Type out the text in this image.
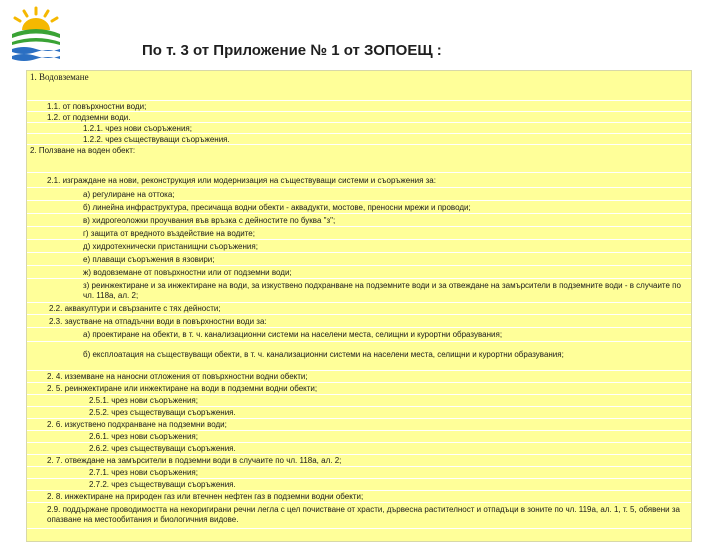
По т. 3 от Приложение № 1 от ЗОПОЕЩ :
1. Водовземане
1.1. от повърхностни води;
1.2. от подземни води.
1.2.1. чрез нови съоръжения;
1.2.2. чрез съществуващи съоръжения.
2. Ползване на воден обект:
2.1. изграждане на нови, реконструкция или модернизация на съществуващи системи и съоръжения за:
а) регулиране на оттока;
б) линейна инфраструктура, пресичаща водни обекти - аквадукти, мостове, преносни мрежи и проводи;
в) хидрогеоложки проучвания във връзка с дейностите по буква "з";
г) защита от вредното въздействие на водите;
д) хидротехнически пристанищни съоръжения;
е) плаващи съоръжения в язовири;
ж) водовземане от повърхностни или от подземни води;
з) реинжектиране и за инжектиране на води, за изкуствено подхранване на подземните води и за отвеждане на замърсители в подземните води - в случаите по чл. 118а, ал. 2;
2.2. аквакултури и свързаните с тях дейности;
2.3. заустване на отпадъчни води в повърхностни води за:
а) проектиране на обекти, в т. ч. канализационни системи на населени места, селищни и курортни образувания;
б) експлоатация на съществуващи обекти, в т. ч. канализационни системи на населени места, селищни и курортни образувания;
2. 4. изземване на наносни отложения от повърхностни водни обекти;
2. 5. реинжектиране или инжектиране на води в подземни водни обекти;
2.5.1. чрез нови съоръжения;
2.5.2. чрез съществуващи съоръжения.
2. 6. изкуствено подхранване на подземни води;
2.6.1. чрез нови съоръжения;
2.6.2. чрез съществуващи съоръжения.
2. 7. отвеждане на замърсители в подземни води в случаите по чл. 118а, ал. 2;
2.7.1. чрез нови съоръжения;
2.7.2. чрез съществуващи съоръжения.
2. 8. инжектиране на природен газ или втечнен нефтен газ в подземни водни обекти;
2.9. поддържане проводимостта на некоригирани речни легла с цел почистване от храсти, дървесна растителност и отпадъци в зоните по чл. 119а, ал. 1, т. 5, обявени за опазване на местообитания и биологичния видове.
